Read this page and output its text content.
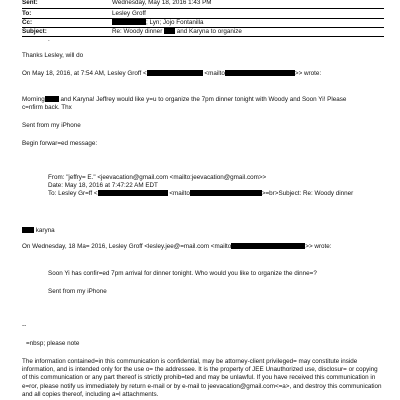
Sent:	Wednesday, May 18, 2016 1:43 PM
To:	Lesley Groff
Cc:	; Lyn; Jojo Fontanilla
Subject:	Re: Woody dinner and Karyna to organize
.
Thanks Lesley, will do
On May 18, 2016, at 7:54 AM, Lesley Groff <	<mailto	>> wrote:
Morning	and Karyna! Jeffrey would like y=u to organize the 7pm dinner tonight with Woody and Soon Yi! Please
c=nfirm back. Thx
Sent from my iPhone
Begin forwar=ed message:
From: "jeffry= E." <jeevacation@gmail.com <mailto:jeevacation@gmail.com>>
Date: May 18, 2016 at 7:47:22 AM EDT
To: Lesley Gr=ff <	<mailto	>=br>Subject: Re: Woody dinner
karyna
On Wednesday, 18 Ma= 2016, Lesley Groff <lesley.jee@=mail.com <mailto	>> wrote:
Soon Yi has confir=ed 7pm arrival for dinner tonight. Who would you like to organize the dinne=?
Sent from my iPhone
--
=nbsp; please note
The information contained=in this communication is confidential, may be attorney-client privileged= may constitute inside information, and is intended only for the use o= the addressee. It is the property of JEE Unauthorized use, disclosur= or copying of this communication or any part thereof is strictly prohib=ted and may be unlawful. If you have received this communication in e=ror, please notify us immediately by return e-mail or by e-mail to jeevacation@gmail.com<=a>, and destroy this communication and all copies thereof, including a=l attachments.
